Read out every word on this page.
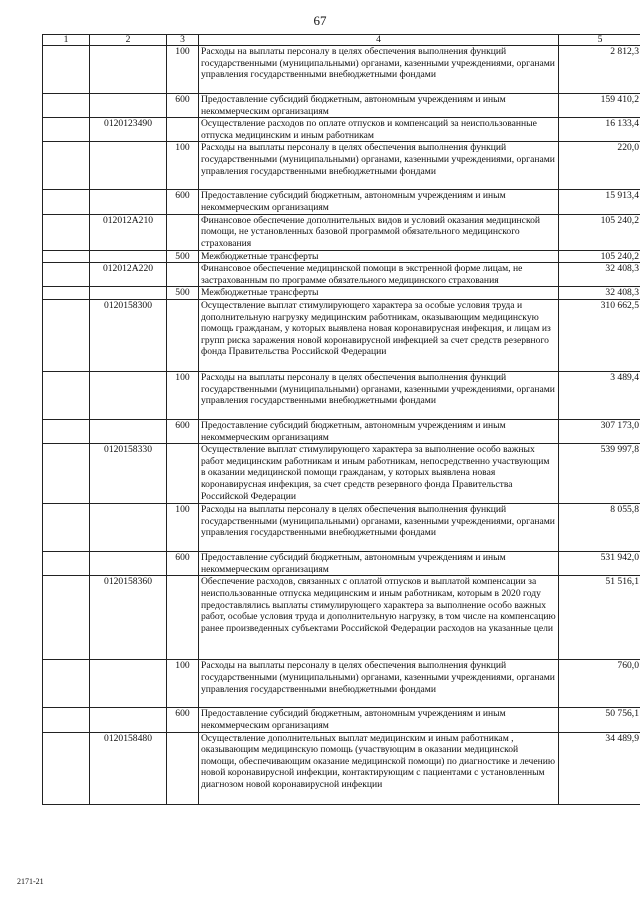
67
1	2	3	4	5
		100	Расходы на выплаты персоналу в целях обеспечения выполнения функций государственными (муниципальными) органами, казенными учреждениями, органами управления государственными внебюджетными фондами	2 812,3
		600	Предоставление субсидий бюджетным, автономным учреждениям и иным некоммерческим организациям	159 410,2
	0120123490		Осуществление расходов по оплате отпусков и компенсаций за неиспользованные отпуска медицинским и иным работникам	16 133,4
		100	Расходы на выплаты персоналу в целях обеспечения выполнения функций государственными (муниципальными) органами, казенными учреждениями, органами управления государственными внебюджетными фондами	220,0
		600	Предоставление субсидий бюджетным, автономным учреждениям и иным некоммерческим организациям	15 913,4
	012012А210		Финансовое обеспечение дополнительных видов и условий оказания медицинской помощи, не установленных базовой программой обязательного медицинского страхования	105 240,2
		500	Межбюджетные трансферты	105 240,2
	012012А220		Финансовое обеспечение медицинской помощи в экстренной форме лицам, не застрахованным по программе обязательного медицинского страхования	32 408,3
		500	Межбюджетные трансферты	32 408,3
	0120158300		Осуществление выплат стимулирующего характера за особые условия труда и дополнительную нагрузку медицинским работникам, оказывающим медицинскую помощь гражданам, у которых выявлена новая коронавирусная инфекция, и лицам из групп риска заражения новой коронавирусной инфекцией за счет средств резервного фонда Правительства Российской Федерации	310 662,5
		100	Расходы на выплаты персоналу в целях обеспечения выполнения функций государственными (муниципальными) органами, казенными учреждениями, органами управления государственными внебюджетными фондами	3 489,4
		600	Предоставление субсидий бюджетным, автономным учреждениям и иным некоммерческим организациям	307 173,0
	0120158330		Осуществление выплат стимулирующего характера за выполнение особо важных работ медицинским работникам и иным работникам, непосредственно участвующим в оказании медицинской помощи гражданам, у которых выявлена новая коронавирусная инфекция, за счет средств резервного фонда Правительства Российской Федерации	539 997,8
		100	Расходы на выплаты персоналу в целях обеспечения выполнения функций государственными (муниципальными) органами, казенными учреждениями, органами управления государственными внебюджетными фондами	8 055,8
		600	Предоставление субсидий бюджетным, автономным учреждениям и иным некоммерческим организациям	531 942,0
	0120158360		Обеспечение расходов, связанных с оплатой отпусков и выплатой компенсации за неиспользованные отпуска медицинским и иным работникам, которым в 2020 году предоставлялись выплаты стимулирующего характера за выполнение особо важных работ, особые условия труда и дополнительную нагрузку, в том числе на компенсацию ранее произведенных субъектами Российской Федерации расходов на указанные цели	51 516,1
		100	Расходы на выплаты персоналу в целях обеспечения выполнения функций государственными (муниципальными) органами, казенными учреждениями, органами управления государственными внебюджетными фондами	760,0
		600	Предоставление субсидий бюджетным, автономным учреждениям и иным некоммерческим организациям	50 756,1
	0120158480		Осуществление дополнительных выплат медицинским и иным работникам , оказывающим медицинскую помощь (участвующим в оказании медицинской помощи, обеспечивающим оказание медицинской помощи) по диагностике и лечению новой коронавирусной инфекции, контактирующим с пациентами с установленным диагнозом новой коронавирусной инфекции	34 489,9
2171-21
